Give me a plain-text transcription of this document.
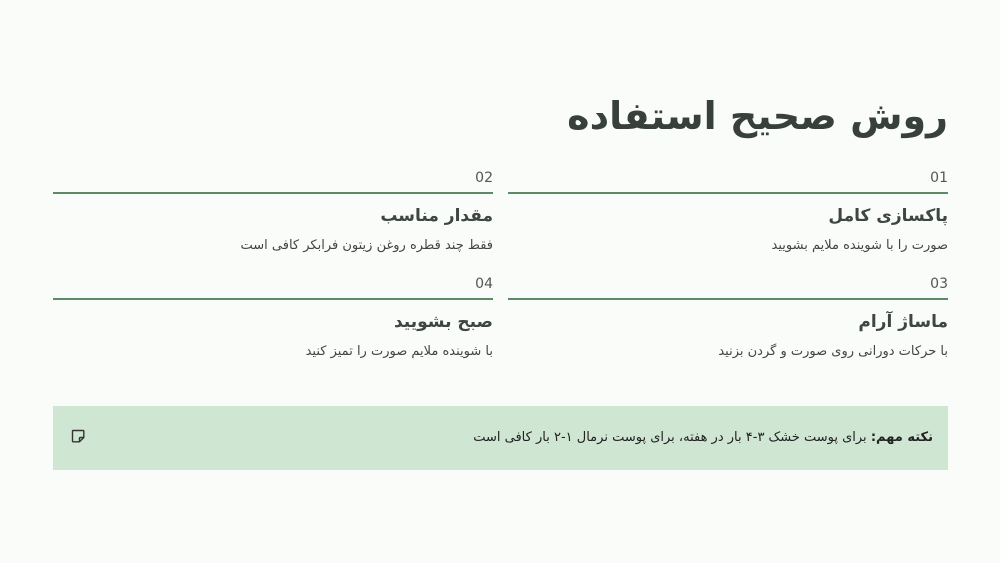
روش صحیح استفاده
01
پاکسازی کامل
صورت را با شوینده ملایم بشویید
02
مقدار مناسب
فقط چند قطره روغن زیتون فرابکر کافی است
03
ماساژ آرام
با حرکات دورانی روی صورت و گردن بزنید
04
صبح بشویید
با شوینده ملایم صورت را تمیز کنید
نکته مهم: برای پوست خشک ۳-۴ بار در هفته، برای پوست نرمال ۱-۲ بار کافی است
